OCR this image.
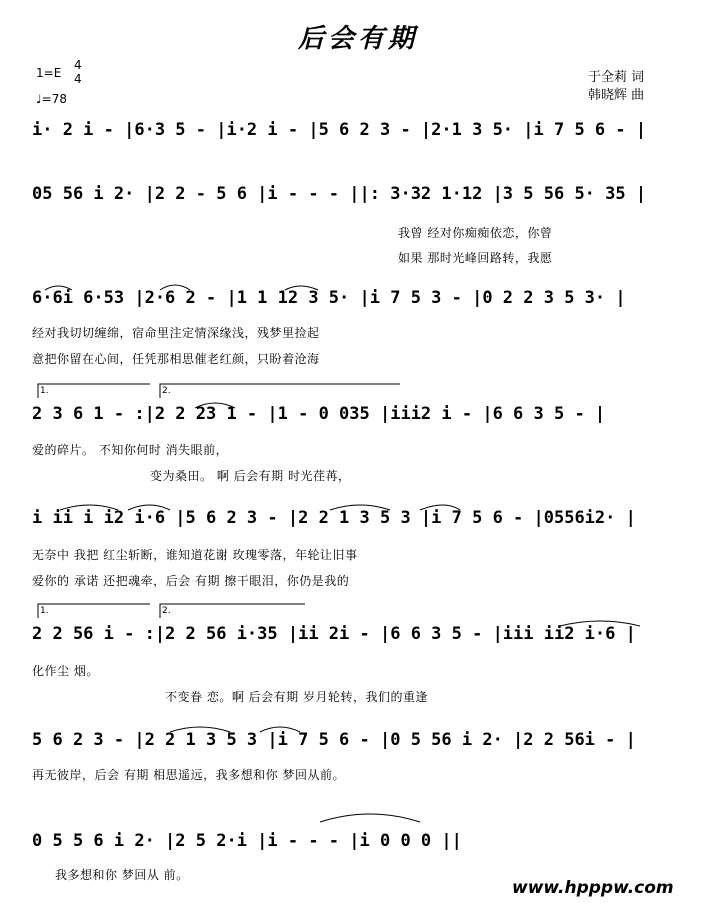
后会有期
1=E
4
4
♩=78
于全莉 词
韩晓辉 曲
i· 2 i - |6·3 5 - |i·2 i - |5 6 2 3 - |2·1 3 5· |i 7 5 6 - |
05 56 i 2· |2 2 - 5 6 |i - - - ||: 3·32 1·12 |3 5 56 5· 35 |
我曾 经对你痴痴依恋，你曾
如果 那时光峰回路转，我愿
6·6i 6·53 |2·6 2 - |1 1 12 3 5· |i 7 5 3 - |0 2 2 3 5 3· |
经对我切切缠绵，宿命里注定情深缘浅，残梦里捡起
意把你留在心间，任凭那相思催老红颜，只盼着沧海
1.	2.
2 3 6 1 - :|2 2 23 1 - |1 - 0 035 |iii2 i - |6 6 3 5 - |
爱的碎片。 不知你何时 消失眼前，
变为桑田。 啊 后会有期 时光荏苒，
i ii i i2 i·6 |5 6 2 3 - |2 2 1 3 5 3 |i 7 5 6 - |0556i2· |
无奈中 我把 红尘斩断，谁知道花谢 玫瑰零落，年轮让旧事
爱你的 承诺 还把魂牵，后会 有期 擦干眼泪，你仍是我的
1.	2.
2 2 56 i - :|2 2 56 i·35 |ii 2i - |6 6 3 5 - |iii ii2 i·6 |
化作尘 烟。
不变眷 恋。啊 后会有期 岁月轮转，我们的重逢
5 6 2 3 - |2 2 1 3 5 3 |i 7 5 6 - |0 5 56 i 2· |2 2 56i - |
再无彼岸，后会 有期 相思遥远，我多想和你 梦回从前。
0 5 5 6 i 2· |2 5 2·i |i - - - |i 0 0 0 ||
我多想和你 梦回从 前。
www.hpppw.com
